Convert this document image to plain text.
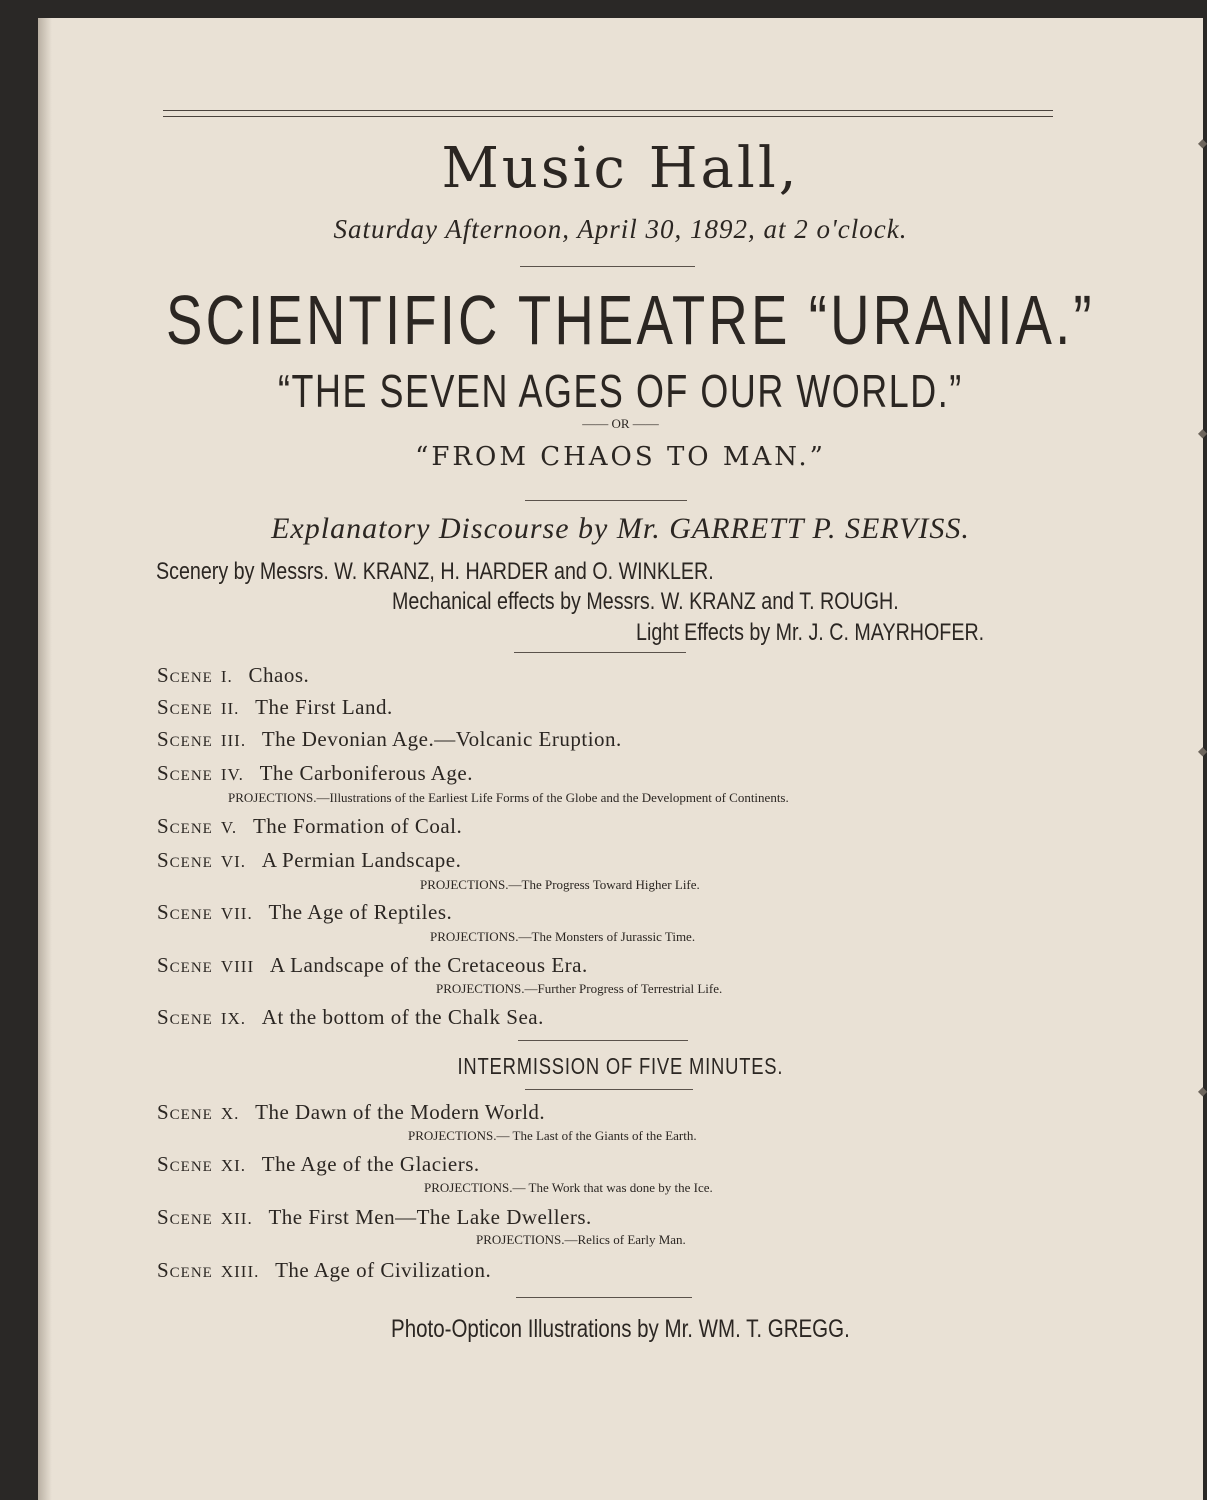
Music Hall,

Saturday Afternoon, April 30, 1892, at 2 o'clock.

SCIENTIFIC THEATRE “URANIA.”

“THE SEVEN AGES OF OUR WORLD.”

—— OR ——

“FROM CHAOS TO MAN.”

Explanatory Discourse by Mr. GARRETT P. SERVISS.

Scenery by Messrs. W. KRANZ, H. HARDER and O. WINKLER.

Mechanical effects by Messrs. W. KRANZ and T. ROUGH.

Light Effects by Mr. J. C. MAYRHOFER.

Scene I. Chaos.
Scene II. The First Land.
Scene III. The Devonian Age.—Volcanic Eruption.
Scene IV. The Carboniferous Age.
PROJECTIONS.—Illustrations of the Earliest Life Forms of the Globe and the Development of Continents.
Scene V. The Formation of Coal.
Scene VI. A Permian Landscape.
PROJECTIONS.—The Progress Toward Higher Life.
Scene VII. The Age of Reptiles.
PROJECTIONS.—The Monsters of Jurassic Time.
Scene VIII A Landscape of the Cretaceous Era.
PROJECTIONS.—Further Progress of Terrestrial Life.
Scene IX. At the bottom of the Chalk Sea.

INTERMISSION OF FIVE MINUTES.

Scene X. The Dawn of the Modern World.
PROJECTIONS.— The Last of the Giants of the Earth.
Scene XI. The Age of the Glaciers.
PROJECTIONS.— The Work that was done by the Ice.
Scene XII. The First Men—The Lake Dwellers.
PROJECTIONS.—Relics of Early Man.
Scene XIII. The Age of Civilization.

Photo-Opticon Illustrations by Mr. WM. T. GREGG.

◆
◆
◆
◆
